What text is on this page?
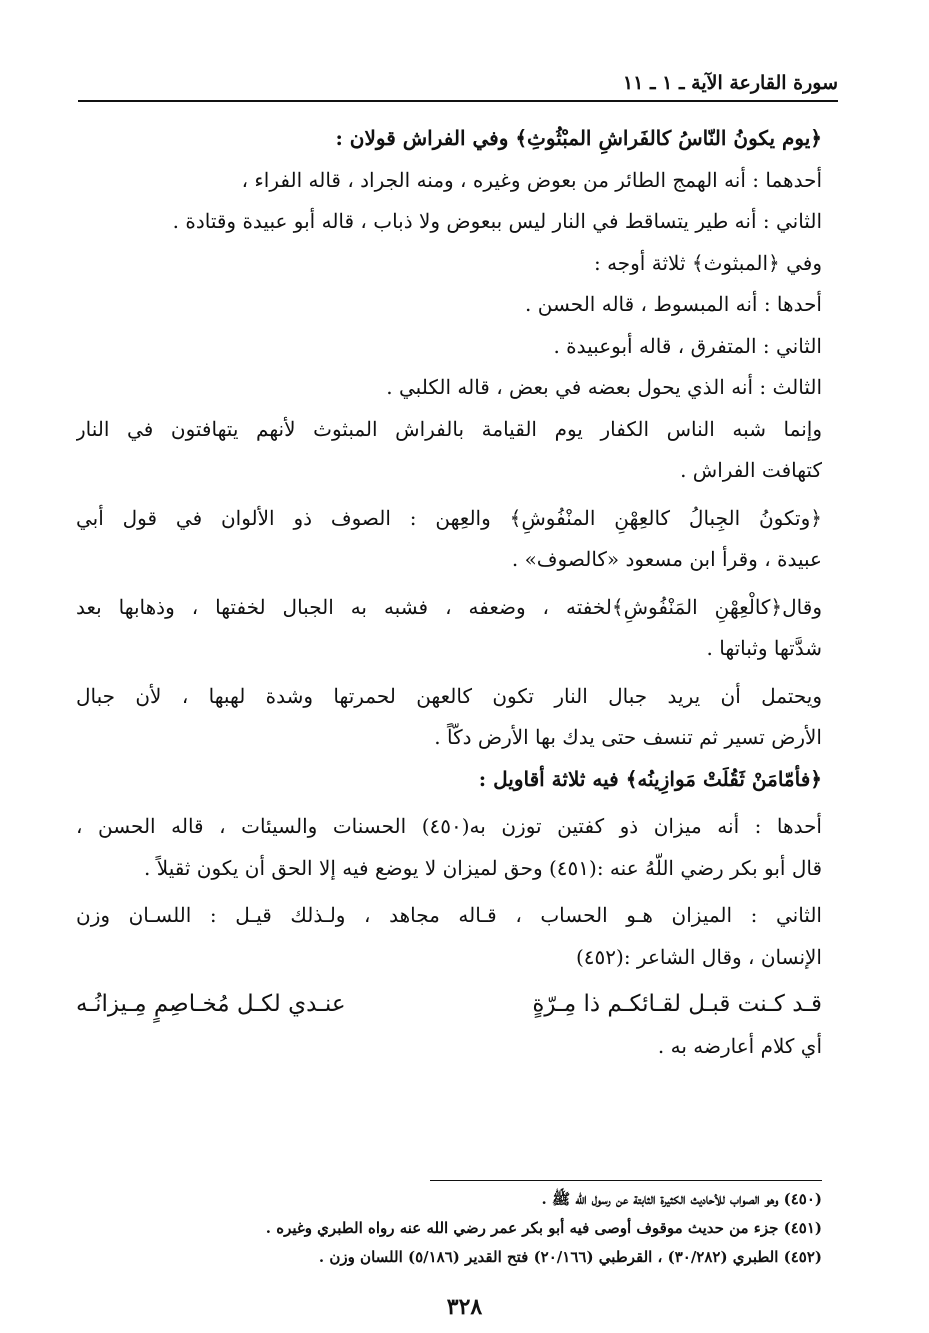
سورة القارعة الآية ـ ١ ـ ١١
﴿يوم يكونُ النّاسُ كالفَراشِ المبْثُوثِ﴾ وفي الفراش قولان :
أحدهما : أنه الهمج الطائر من بعوض وغيره ، ومنه الجراد ، قاله الفراء ،
الثاني : أنه طير يتساقط في النار ليس ببعوض ولا ذباب ، قاله أبو عبيدة وقتادة .
وفي ﴿المبثوث﴾ ثلاثة أوجه :
أحدها : أنه المبسوط ، قاله الحسن .
الثاني : المتفرق ، قاله أبوعبيدة .
الثالث : أنه الذي يحول بعضه في بعض ، قاله الكلبي .
وإنما شبه الناس الكفار يوم القيامة بالفراش المبثوث لأنهم يتهافتون في النار
كتهافت الفراش .
﴿وتكونُ الجِبالُ كالعِهْنِ المنْفُوشِ﴾ والعِهن : الصوف ذو الألوان في قول أبي
عبيدة ، وقرأ ابن مسعود «كالصوف» .
وقال﴿كالْعِهْنِ المَنْفُوشِ﴾لخفته ، وضعفه ، فشبه به الجبال لخفتها ، وذهابها بعد
شدَّتها وثباتها .
ويحتمل أن يريد جبال النار تكون كالعهن لحمرتها وشدة لهبها ، لأن جبال
الأرض تسير ثم تنسف حتى يدك بها الأرض دكّاً .
﴿فأمّامَنْ ثَقُلَتْ مَوازِينُه﴾ فيه ثلاثة أقاويل :
أحدها : أنه ميزان ذو كفتين توزن به(٤٥٠) الحسنات والسيئات ، قاله الحسن ،
قال أبو بكر رضي اللّهُ عنه :(٤٥١) وحق لميزان لا يوضع فيه إلا الحق أن يكون ثقيلاً .
الثاني : الميزان هـو الحساب ، قـاله مجاهد ، ولـذلك قيـل : اللسـان وزن
الإنسان ، وقال الشاعر :(٤٥٢)
قـد كـنت قبـل لقـائكـم ذا مِـرّةٍ
عنـدي لكـل مُخـاصِمٍ مِـيزانُـه
أي كلام أعارضه به .
(٤٥٠) وهو الصواب للأحاديث الكثيرة الثابتة عن رسول الله ﷺ .
(٤٥١) جزء من حديث موقوف أوصى فيه أبو بكر عمر رضي الله عنه رواه الطبري وغيره .
(٤٥٢) الطبري (٣٠/٢٨٢) ، القرطبي (٢٠/١٦٦) فتح القدير (٥/١٨٦) اللسان وزن .
٣٢٨
